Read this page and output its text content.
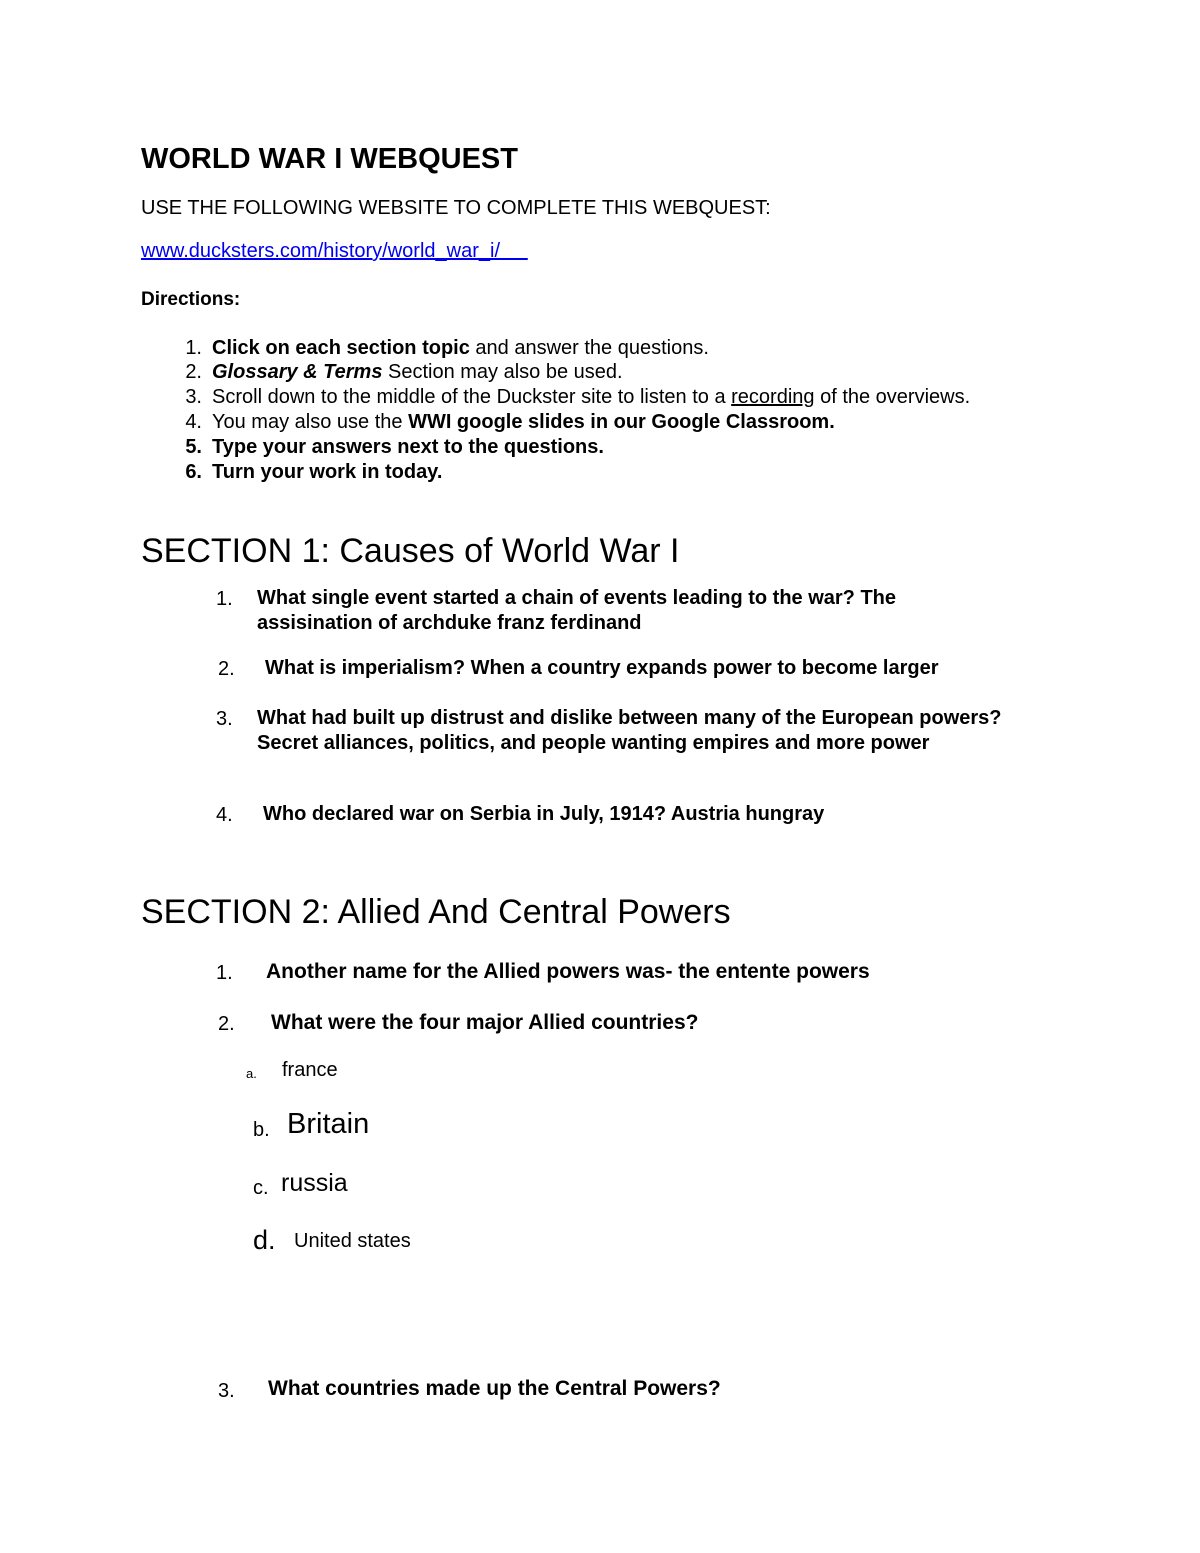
WORLD WAR I WEBQUEST
USE THE FOLLOWING WEBSITE TO COMPLETE THIS WEBQUEST:
www.ducksters.com/history/world_war_i/
Directions:
1. Click on each section topic and answer the questions.
2. Glossary & Terms Section may also be used.
3. Scroll down to the middle of the Duckster site to listen to a recording of the overviews.
4. You may also use the WWI google slides in our Google Classroom.
5. Type your answers next to the questions.
6. Turn your work in today.
SECTION 1: Causes of World War I
1. What single event started a chain of events leading to the war? The assisination of archduke franz ferdinand
2. What is imperialism? When a country expands power to become larger
3. What had built up distrust and dislike between many of the European powers? Secret alliances, politics, and people wanting empires and more power
4. Who declared war on Serbia in July, 1914? Austria hungray
SECTION 2: Allied And Central Powers
1. Another name for the Allied powers was- the entente powers
2. What were the four major Allied countries?
a. france
b. Britain
c. russia
d. United states
3. What countries made up the Central Powers?
